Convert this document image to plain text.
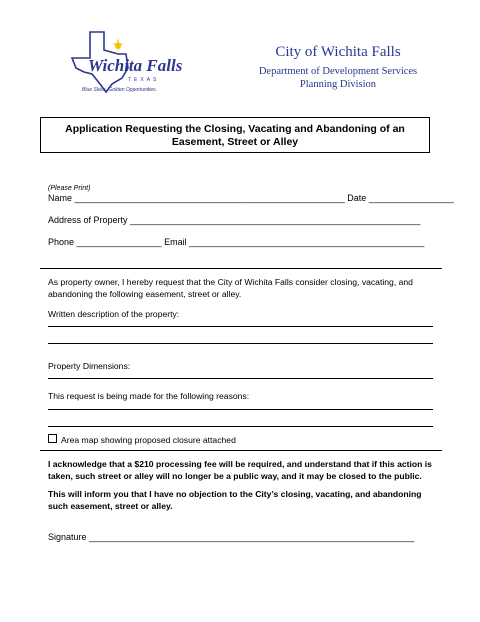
Wichita Falls
TEXAS
Blue Skies. Golden Opportunities.
City of Wichita Falls
Department of Development Services
Planning Division
Application Requesting the Closing, Vacating and Abandoning of an
Easement, Street or Alley
(Please Print)
Name ______________________________________________________ Date _________________
Address of Property __________________________________________________________
Phone _________________ Email _______________________________________________
As property owner, I hereby request that the City of Wichita Falls consider closing, vacating, and abandoning the following easement, street or alley.
Written description of the property:
Property Dimensions:
This request is being made for the following reasons:
Area map showing proposed closure attached
I acknowledge that a $210 processing fee will be required, and understand that if this action is taken, such street or alley will no longer be a public way, and it may be closed to the public.
This will inform you that I have no objection to the City’s closing, vacating, and abandoning such easement, street or alley.
Signature _________________________________________________________________
